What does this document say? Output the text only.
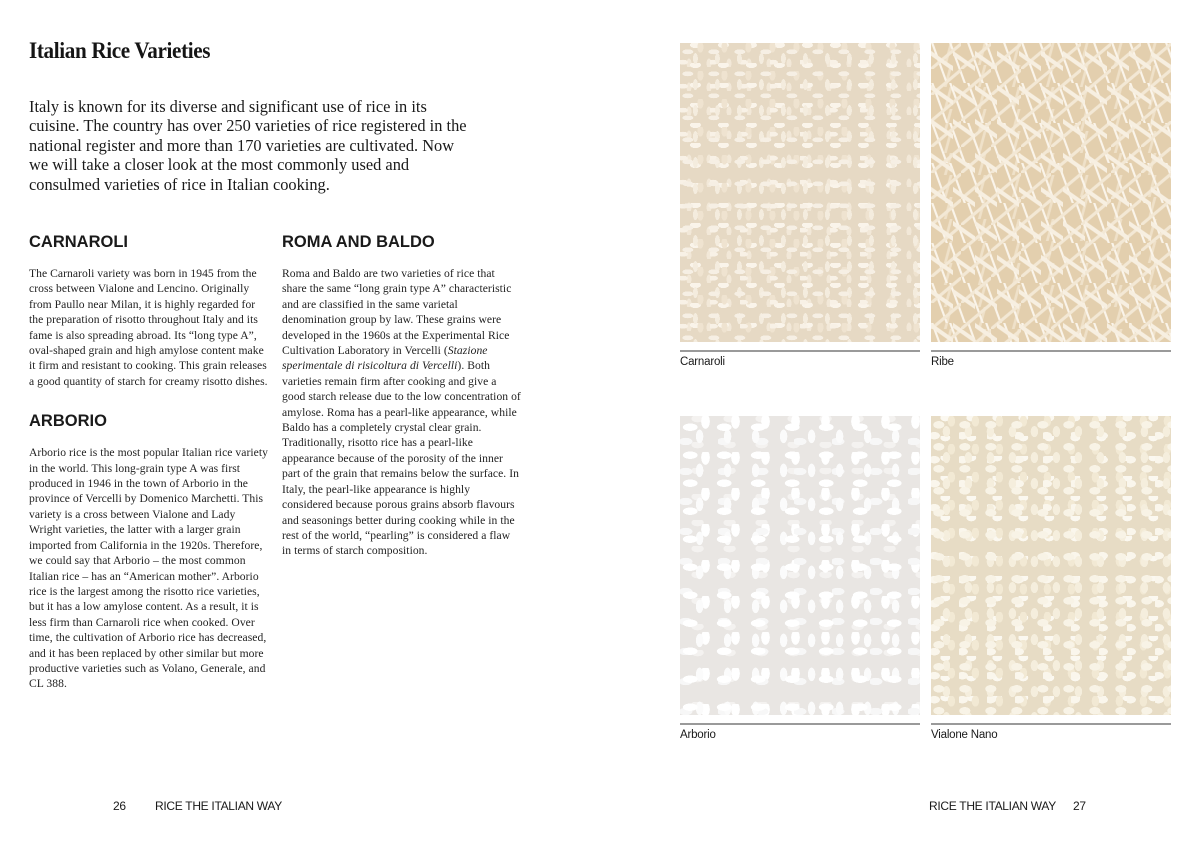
Italian Rice Varieties

Italy is known for its diverse and significant use of rice in its cuisine. The country has over 250 varieties of rice registered in the national register and more than 170 varieties are cultivated. Now we will take a closer look at the most commonly used and consulmed varieties of rice in Italian cooking.

CARNAROLI

The Carnaroli variety was born in 1945 from the cross between Vialone and Lencino. Originally from Paullo near Milan, it is highly regarded for the preparation of risotto throughout Italy and its fame is also spreading abroad. Its “long type A”, oval-shaped grain and high amylose content make it firm and resistant to cooking. This grain releases a good quantity of starch for creamy risotto dishes.

ARBORIO

Arborio rice is the most popular Italian rice variety in the world. This long-grain type A was first produced in 1946 in the town of Arborio in the province of Vercelli by Domenico Marchetti. This variety is a cross between Vialone and Lady Wright varieties, the latter with a larger grain imported from California in the 1920s. Therefore, we could say that Arborio – the most common Italian rice – has an “American mother”. Arborio rice is the largest among the risotto rice varieties, but it has a low amylose content. As a result, it is less firm than Carnaroli rice when cooked. Over time, the cultivation of Arborio rice has decreased, and it has been replaced by other similar but more productive varieties such as Volano, Generale, and CL 388.

ROMA AND BALDO

Roma and Baldo are two varieties of rice that share the same “long grain type A” characteristic and are classified in the same varietal denomination group by law. These grains were developed in the 1960s at the Experimental Rice Cultivation Laboratory in Vercelli (Stazione sperimentale di risicoltura di Vercelli). Both varieties remain firm after cooking and give a good starch release due to the low concentration of amylose. Roma has a pearl-like appearance, while Baldo has a completely crystal clear grain. Traditionally, risotto rice has a pearl-like appearance because of the porosity of the inner part of the grain that remains below the surface. In Italy, the pearl-like appearance is highly considered because porous grains absorb flavours and seasonings better during cooking while in the rest of the world, “pearling” is considered a flaw in terms of starch composition.

26 RICE THE ITALIAN WAY
Carnaroli	Ribe
Arborio	Vialone Nano
RICE THE ITALIAN WAY 27
